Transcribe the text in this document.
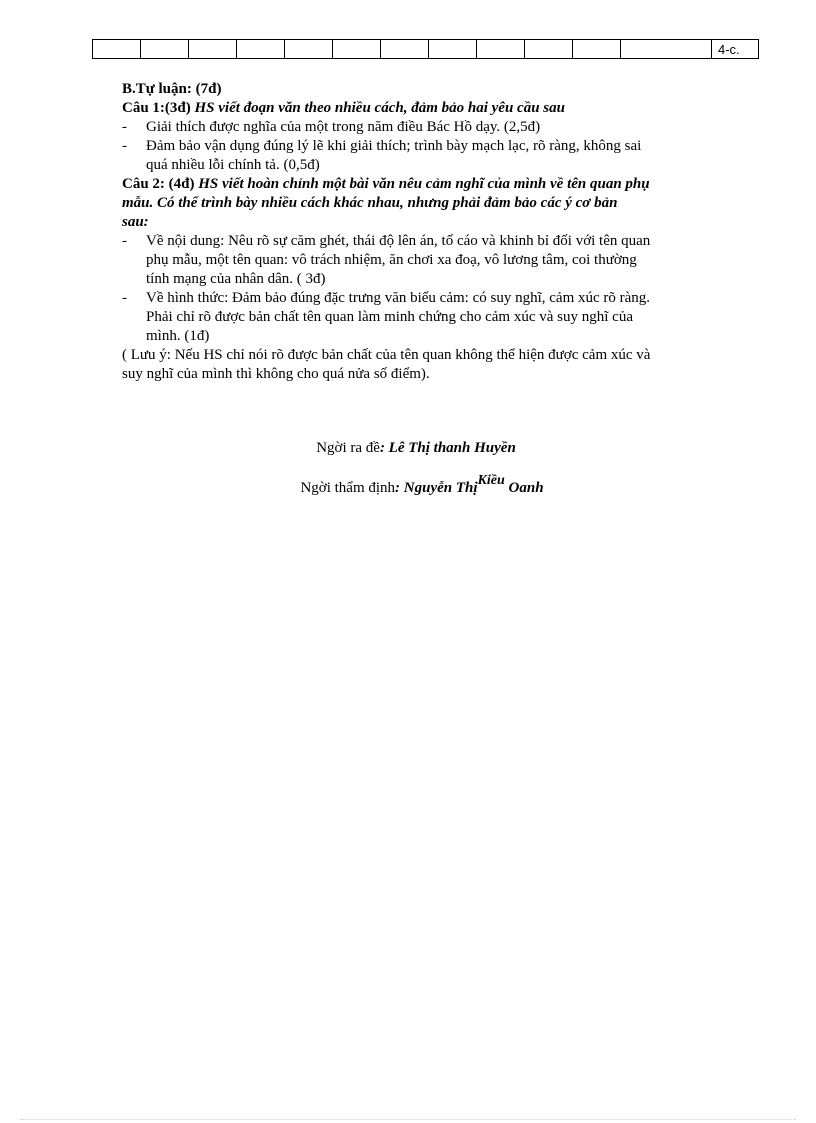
												4-c.
B.Tự luận: (7đ)
Câu 1:(3đ) HS viết đoạn văn theo nhiều cách, đảm bảo hai yêu cầu sau
- Giải thích được nghĩa của một trong năm điều Bác Hồ dạy. (2,5đ)
- Đảm bảo vận dụng đúng lý lẽ khi giải thích; trình bày mạch lạc, rõ ràng, không sai
quá nhiều lỗi chính tả. (0,5đ)
Câu 2: (4đ) HS viết hoàn chỉnh một bài văn nêu cảm nghĩ của mình về tên quan phụ
mẫu. Có thể trình bày nhiều cách khác nhau, nhưng phải đảm bảo các ý cơ bản
sau:
- Về nội dung: Nêu rõ sự căm ghét, thái độ lên án, tố cáo và khinh bỉ đối với tên quan
phụ mẫu, một tên quan: vô trách nhiệm, ăn chơi xa đoạ, vô lương tâm, coi thường
tính mạng của nhân dân. ( 3đ)
- Về hình thức: Đảm bảo đúng đặc trưng văn biểu cảm: có suy nghĩ, cảm xúc rõ ràng.
Phải chỉ rõ được bản chất tên quan làm minh chứng cho cảm xúc và suy nghĩ của
mình. (1đ)
( Lưu ý: Nếu HS chỉ nói rõ được bản chất của tên quan không thể hiện được cảm xúc và
suy nghĩ của mình thì không cho quá nửa số điểm).
Ngời ra đề: Lê Thị thanh Huyền
Ngời thẩm định: Nguyễn ThịKiều Oanh
